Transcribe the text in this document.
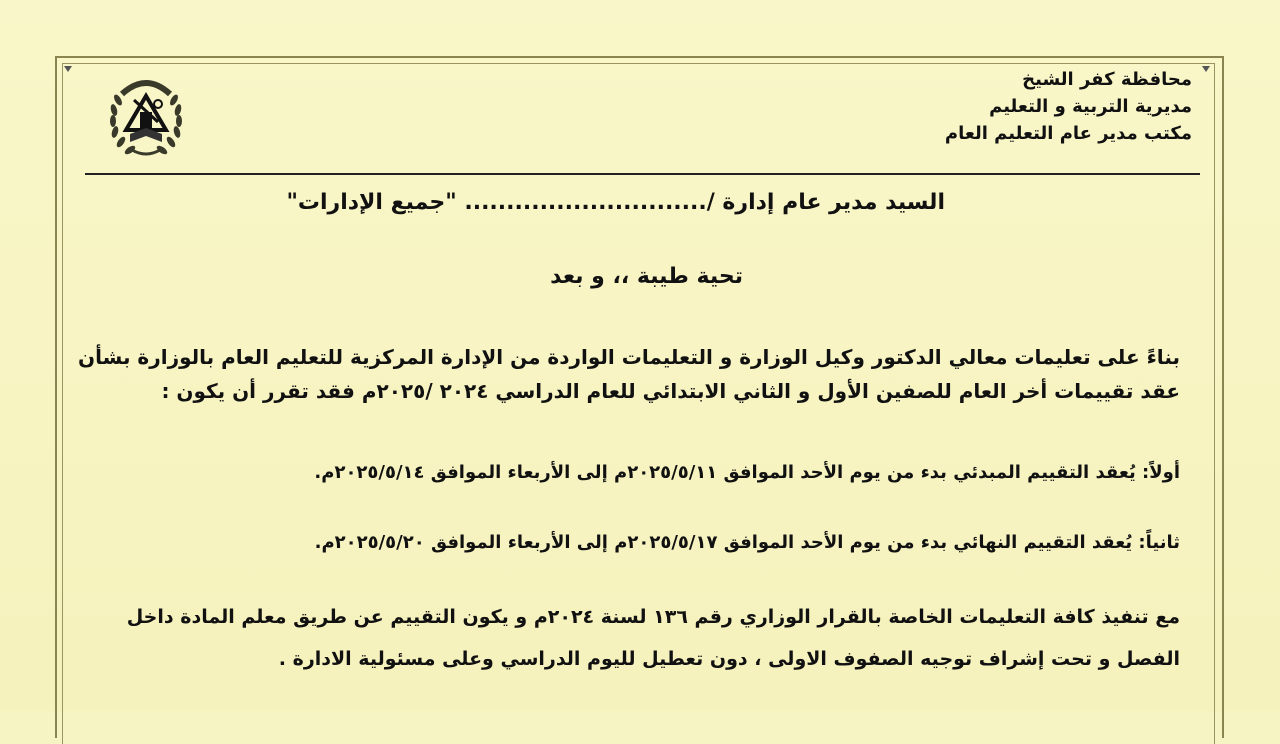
محافظة كفر الشيخ
مديرية التربية و التعليم
مكتب مدير عام التعليم العام
السيد مدير عام إدارة /............................. "جميع الإدارات"
تحية طيبة ،، و بعد
بناءً على تعليمات معالي الدكتور وكيل الوزارة و التعليمات الواردة من الإدارة المركزية للتعليم العام بالوزارة بشأن
عقد تقييمات أخر العام للصفين الأول و الثاني الابتدائي للعام الدراسي ٢٠٢٤ /٢٠٢٥م فقد تقرر أن يكون :
أولاً: يُعقد التقييم المبدئي بدء من يوم الأحد الموافق ٢٠٢٥/٥/١١م إلى الأربعاء الموافق ٢٠٢٥/٥/١٤م.
ثانياً: يُعقد التقييم النهائي بدء من يوم الأحد الموافق ٢٠٢٥/٥/١٧م إلى الأربعاء الموافق ٢٠٢٥/٥/٢٠م.
مع تنفيذ كافة التعليمات الخاصة بالقرار الوزاري رقم ١٣٦ لسنة ٢٠٢٤م و يكون التقييم عن طريق معلم المادة داخل
الفصل و تحت إشراف توجيه الصفوف الاولى ، دون تعطيل لليوم الدراسي وعلى مسئولية الادارة .
